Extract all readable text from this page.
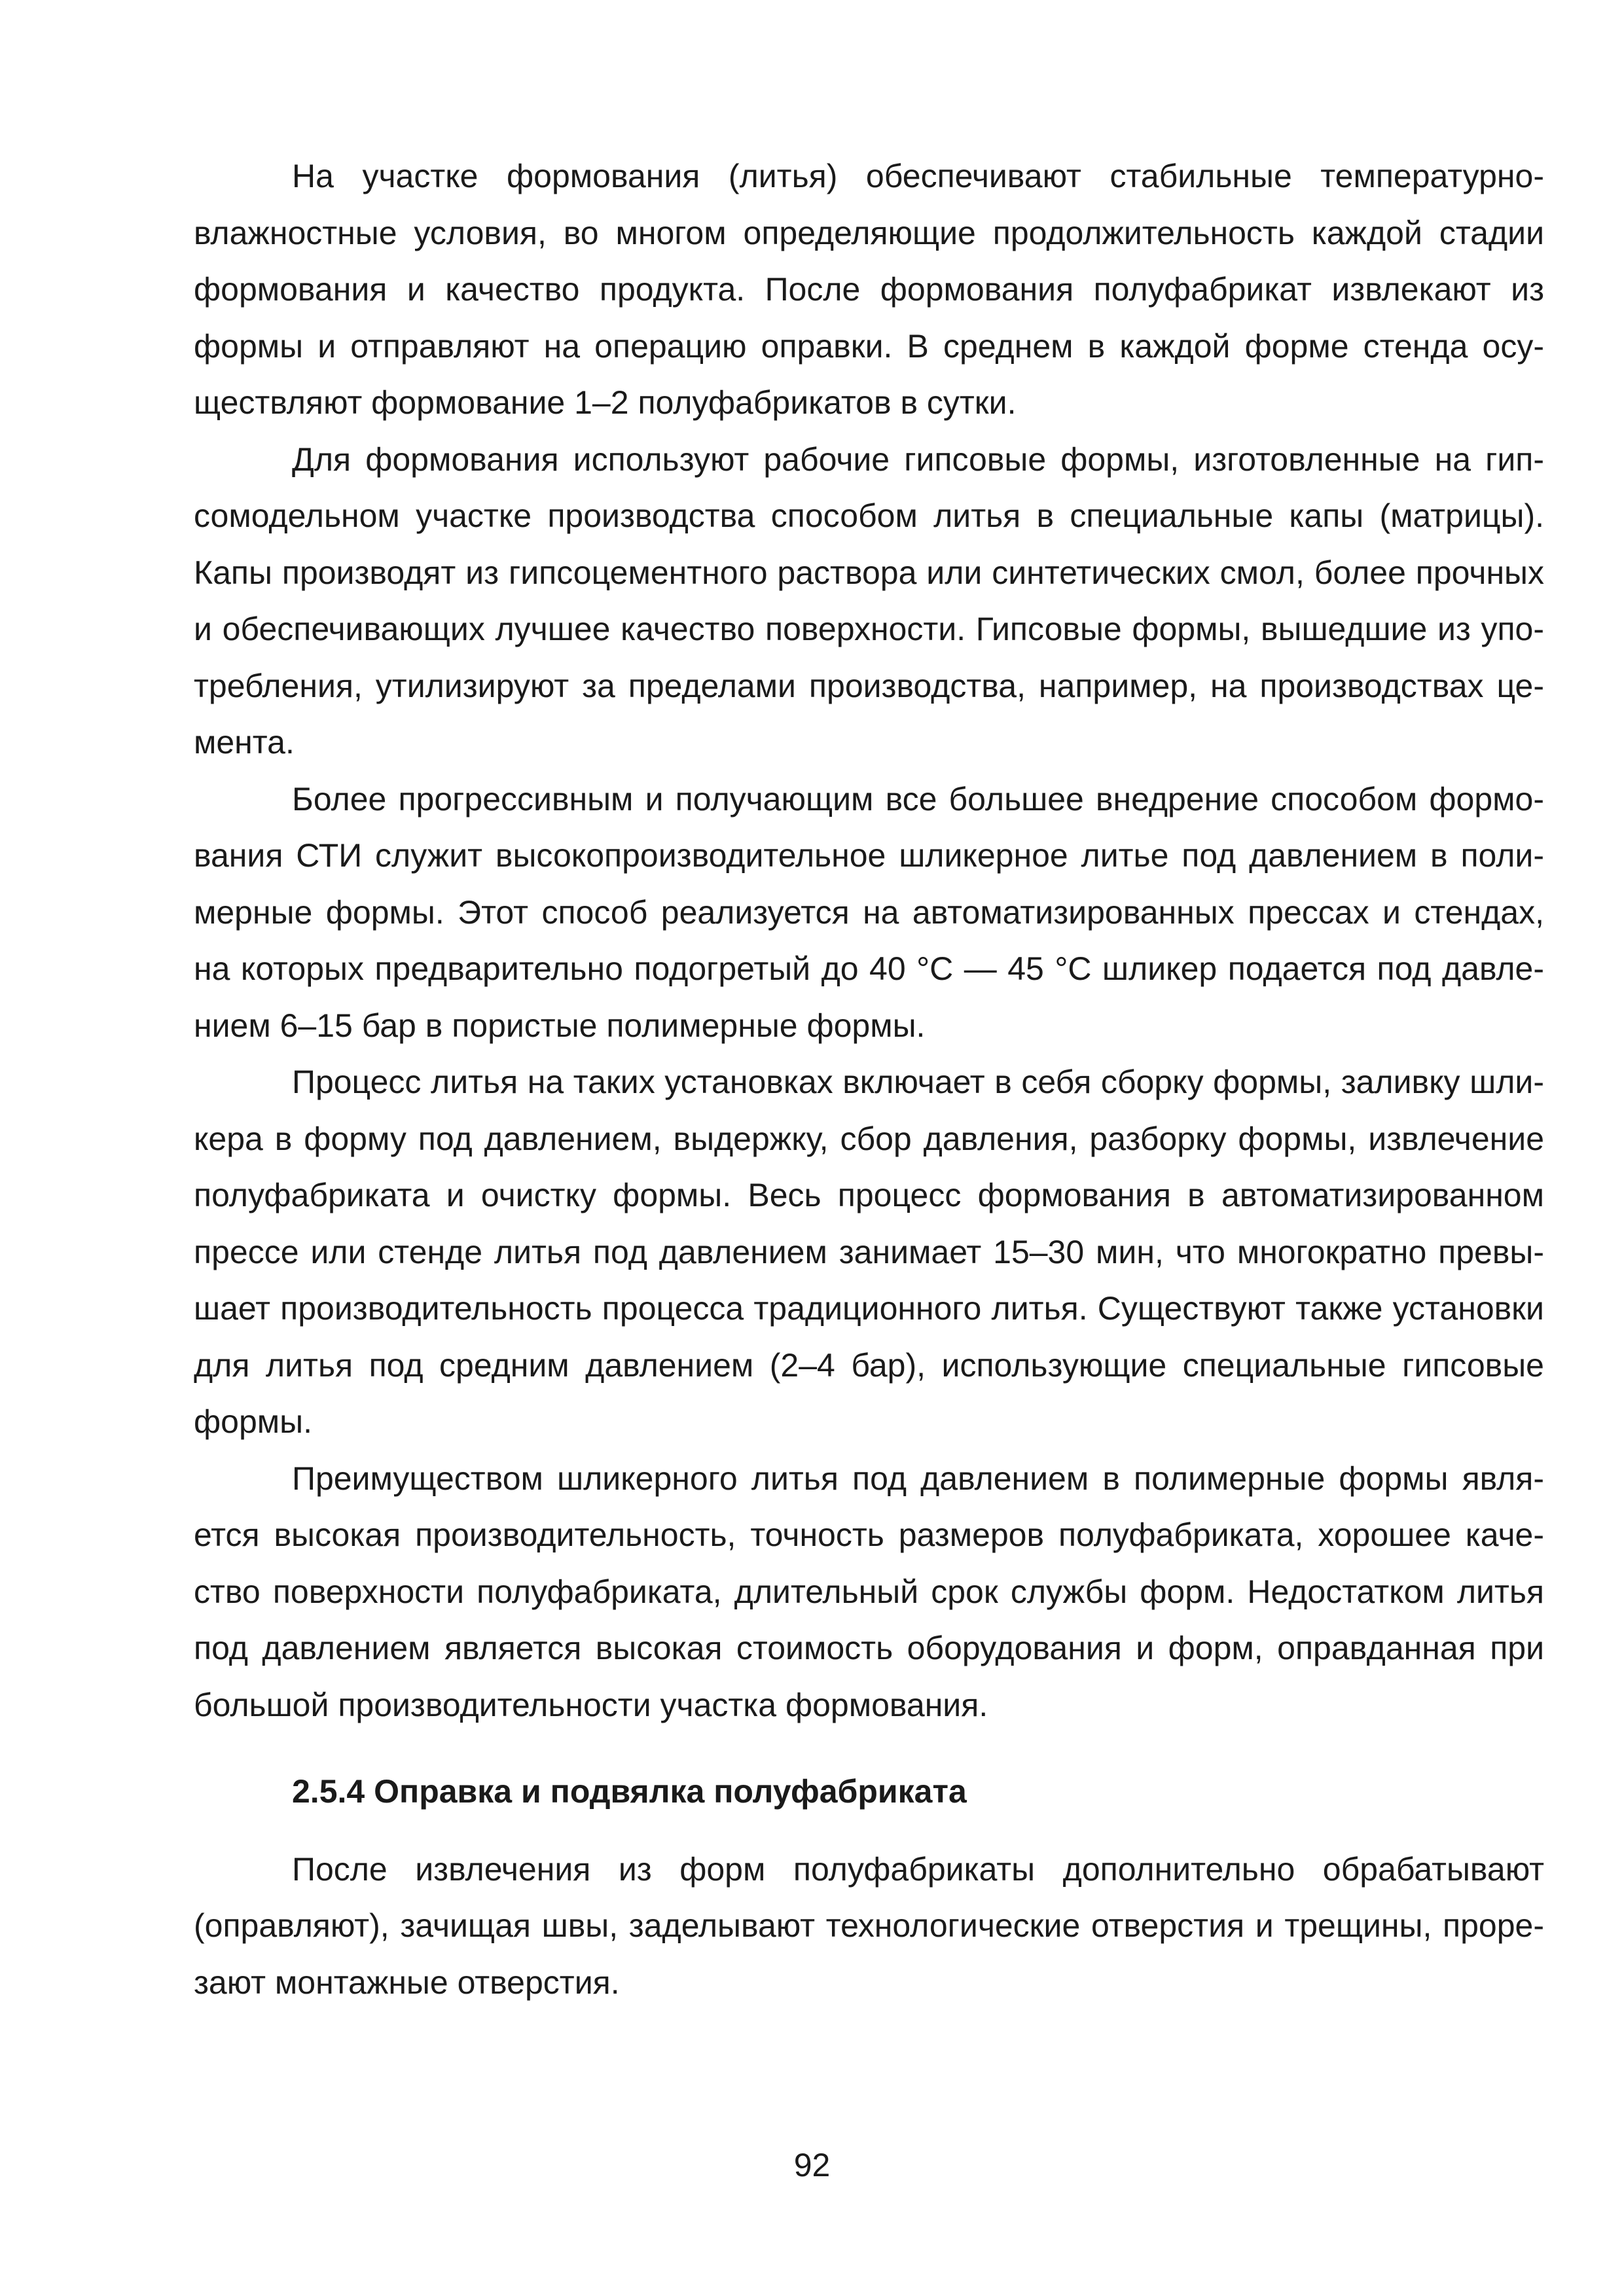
На участке формования (литья) обеспечивают стабильные температурно-влажностные условия, во многом определяющие продолжительность каждой стадии формования и качество продукта. После формования полуфабрикат извлекают из формы и отправляют на операцию оправки. В среднем в каждой форме стенда осуществляют формование 1–2 полуфабрикатов в сутки.

Для формования используют рабочие гипсовые формы, изготовленные на гипсомодельном участке производства способом литья в специальные капы (матрицы). Капы производят из гипсоцементного раствора или синтетических смол, более прочных и обеспечивающих лучшее качество поверхности. Гипсовые формы, вышедшие из употребления, утилизируют за пределами производства, например, на производствах цемента.

Более прогрессивным и получающим все большее внедрение способом формования СТИ служит высокопроизводительное шликерное литье под давлением в полимерные формы. Этот способ реализуется на автоматизированных прессах и стендах, на которых предварительно подогретый до 40 °С — 45 °С шликер подается под давлением 6–15 бар в пористые полимерные формы.

Процесс литья на таких установках включает в себя сборку формы, заливку шликера в форму под давлением, выдержку, сбор давления, разборку формы, извлечение полуфабриката и очистку формы. Весь процесс формования в автоматизированном прессе или стенде литья под давлением занимает 15–30 мин, что многократно превышает производительность процесса традиционного литья. Существуют также установки для литья под средним давлением (2–4 бар), использующие специальные гипсовые формы.

Преимуществом шликерного литья под давлением в полимерные формы является высокая производительность, точность размеров полуфабриката, хорошее качество поверхности полуфабриката, длительный срок службы форм. Недостатком литья под давлением является высокая стоимость оборудования и форм, оправданная при большой производительности участка формования.

2.5.4 Оправка и подвялка полуфабриката

После извлечения из форм полуфабрикаты дополнительно обрабатывают (оправляют), зачищая швы, заделывают технологические отверстия и трещины, прорезают монтажные отверстия.

92
